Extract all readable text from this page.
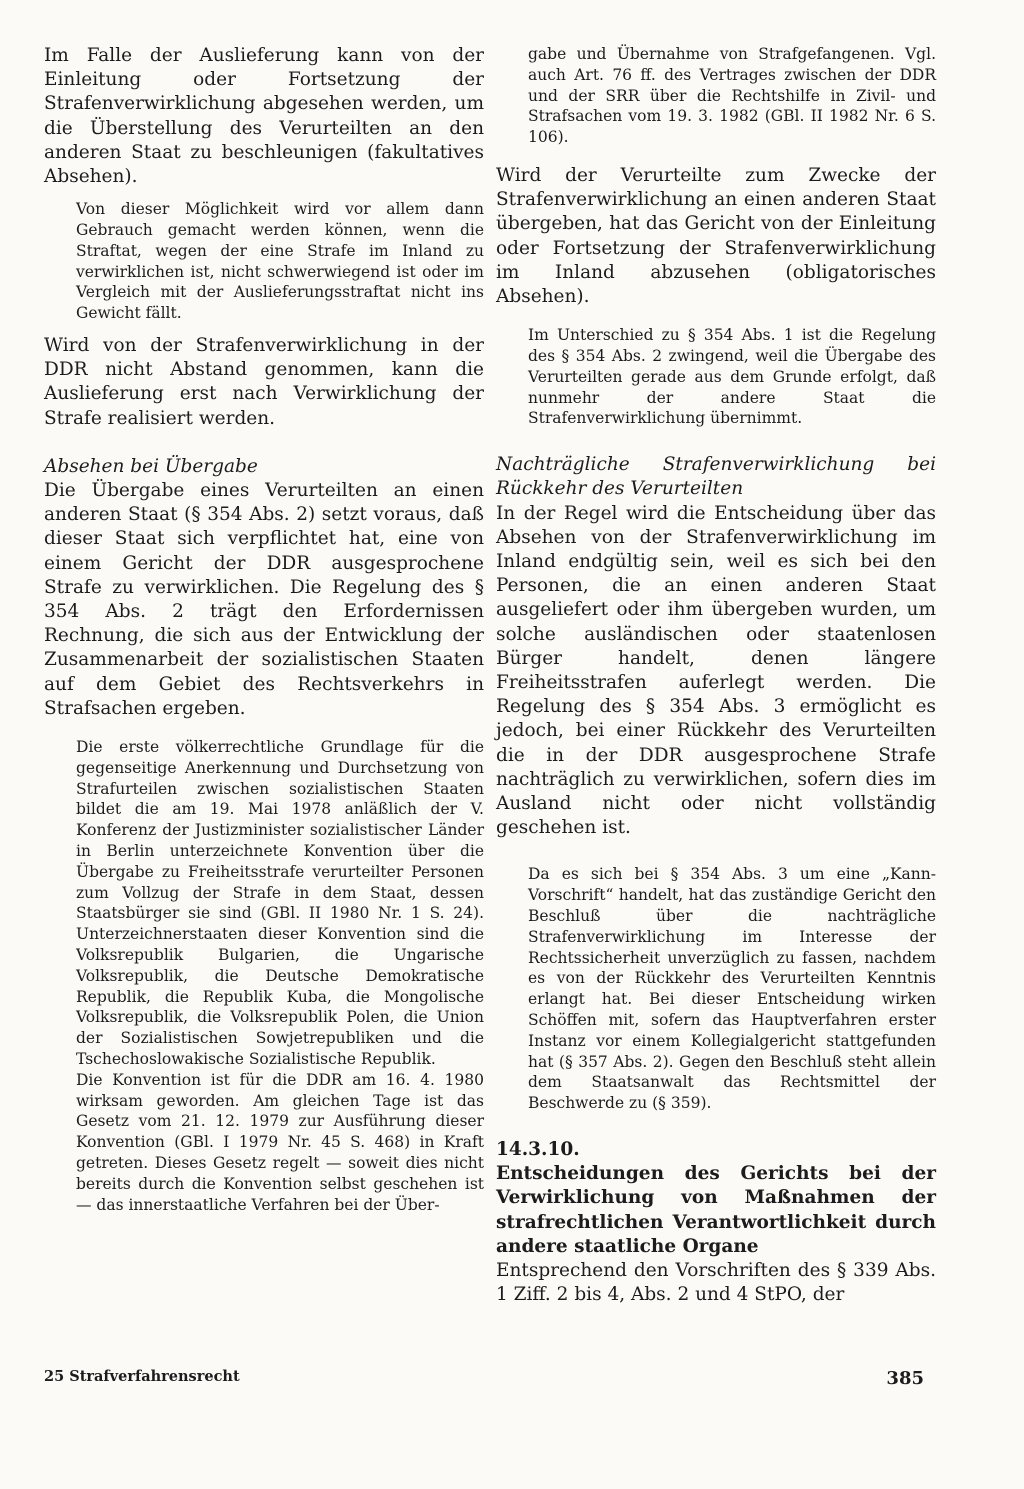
Im Falle der Auslieferung kann von der Einleitung oder Fortsetzung der Strafenverwirklichung abgesehen werden, um die Überstellung des Verurteilten an den anderen Staat zu beschleunigen (fakultatives Absehen).

Von dieser Möglichkeit wird vor allem dann Gebrauch gemacht werden können, wenn die Straftat, wegen der eine Strafe im Inland zu verwirklichen ist, nicht schwerwiegend ist oder im Vergleich mit der Auslieferungsstraftat nicht ins Gewicht fällt.

Wird von der Strafenverwirklichung in der DDR nicht Abstand genommen, kann die Auslieferung erst nach Verwirklichung der Strafe realisiert werden.

Absehen bei Übergabe

Die Übergabe eines Verurteilten an einen anderen Staat (§ 354 Abs. 2) setzt voraus, daß dieser Staat sich verpflichtet hat, eine von einem Gericht der DDR ausgesprochene Strafe zu verwirklichen. Die Regelung des § 354 Abs. 2 trägt den Erfordernissen Rechnung, die sich aus der Entwicklung der Zusammenarbeit der sozialistischen Staaten auf dem Gebiet des Rechtsverkehrs in Strafsachen ergeben.

Die erste völkerrechtliche Grundlage für die gegenseitige Anerkennung und Durchsetzung von Strafurteilen zwischen sozialistischen Staaten bildet die am 19. Mai 1978 anläßlich der V. Konferenz der Justizminister sozialistischer Länder in Berlin unterzeichnete Konvention über die Übergabe zu Freiheitsstrafe verurteilter Personen zum Vollzug der Strafe in dem Staat, dessen Staatsbürger sie sind (GBl. II 1980 Nr. 1 S. 24). Unterzeichnerstaaten dieser Konvention sind die Volksrepublik Bulgarien, die Ungarische Volksrepublik, die Deutsche Demokratische Republik, die Republik Kuba, die Mongolische Volksrepublik, die Volksrepublik Polen, die Union der Sozialistischen Sowjetrepubliken und die Tschechoslowakische Sozialistische Republik.

Die Konvention ist für die DDR am 16. 4. 1980 wirksam geworden. Am gleichen Tage ist das Gesetz vom 21. 12. 1979 zur Ausführung dieser Konvention (GBl. I 1979 Nr. 45 S. 468) in Kraft getreten. Dieses Gesetz regelt — soweit dies nicht bereits durch die Konvention selbst geschehen ist — das innerstaatliche Verfahren bei der Über-

gabe und Übernahme von Strafgefangenen. Vgl. auch Art. 76 ff. des Vertrages zwischen der DDR und der SRR über die Rechtshilfe in Zivil- und Strafsachen vom 19. 3. 1982 (GBl. II 1982 Nr. 6 S. 106).

Wird der Verurteilte zum Zwecke der Strafenverwirklichung an einen anderen Staat übergeben, hat das Gericht von der Einleitung oder Fortsetzung der Strafenverwirklichung im Inland abzusehen (obligatorisches Absehen).

Im Unterschied zu § 354 Abs. 1 ist die Regelung des § 354 Abs. 2 zwingend, weil die Übergabe des Verurteilten gerade aus dem Grunde erfolgt, daß nunmehr der andere Staat die Strafenverwirklichung übernimmt.

Nachträgliche Strafenverwirklichung bei Rückkehr des Verurteilten

In der Regel wird die Entscheidung über das Absehen von der Strafenverwirklichung im Inland endgültig sein, weil es sich bei den Personen, die an einen anderen Staat ausgeliefert oder ihm übergeben wurden, um solche ausländischen oder staatenlosen Bürger handelt, denen längere Freiheitsstrafen auferlegt werden. Die Regelung des § 354 Abs. 3 ermöglicht es jedoch, bei einer Rückkehr des Verurteilten die in der DDR ausgesprochene Strafe nachträglich zu verwirklichen, sofern dies im Ausland nicht oder nicht vollständig geschehen ist.

Da es sich bei § 354 Abs. 3 um eine „Kann-Vorschrift“ handelt, hat das zuständige Gericht den Beschluß über die nachträgliche Strafenverwirklichung im Interesse der Rechtssicherheit unverzüglich zu fassen, nachdem es von der Rückkehr des Verurteilten Kenntnis erlangt hat. Bei dieser Entscheidung wirken Schöffen mit, sofern das Hauptverfahren erster Instanz vor einem Kollegialgericht stattgefunden hat (§ 357 Abs. 2). Gegen den Beschluß steht allein dem Staatsanwalt das Rechtsmittel der Beschwerde zu (§ 359).

14.3.10.

Entscheidungen des Gerichts bei der Verwirklichung von Maßnahmen der strafrechtlichen Verantwortlichkeit durch andere staatliche Organe

Entsprechend den Vorschriften des § 339 Abs. 1 Ziff. 2 bis 4, Abs. 2 und 4 StPO, der

25 Strafverfahrensrecht	385
